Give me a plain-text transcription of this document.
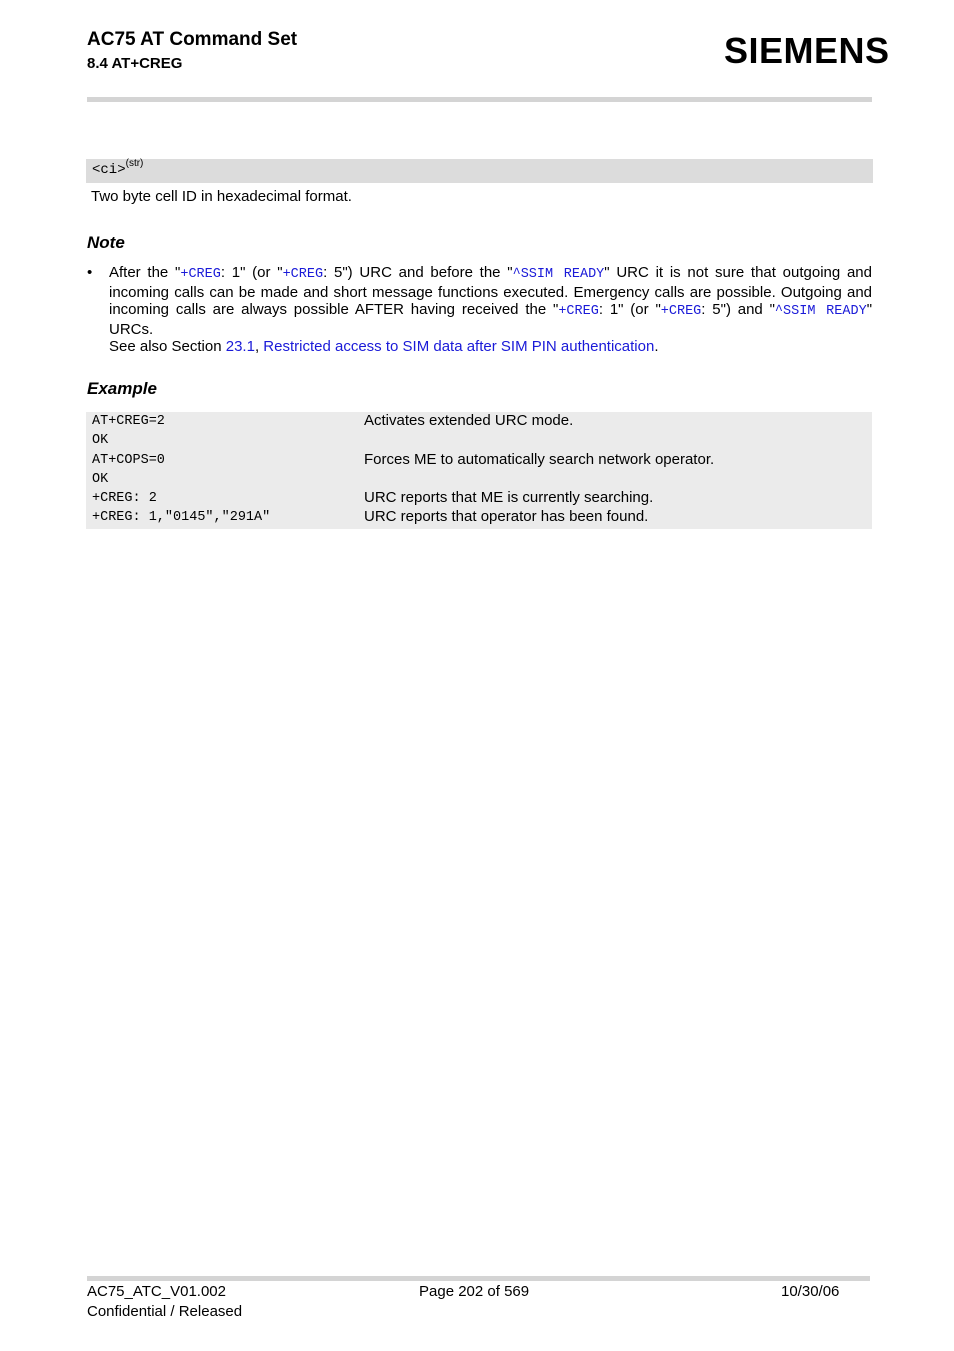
AC75 AT Command Set
8.4 AT+CREG	SIEMENS
<ci>$^{(str)}$
Two byte cell ID in hexadecimal format.
Note
• After the "+CREG: 1" (or "+CREG: 5") URC and before the "^SSIM READY" URC it is not sure that outgoing and incoming calls can be made and short message functions executed. Emergency calls are possible. Outgoing and incoming calls are always possible AFTER having received the "+CREG: 1" (or "+CREG: 5") and "^SSIM READY" URCs.
See also Section 23.1, Restricted access to SIM data after SIM PIN authentication.
Example
AT+CREG=2	Activates extended URC mode.
OK
AT+COPS=0	Forces ME to automatically search network operator.
OK
+CREG: 2	URC reports that ME is currently searching.
+CREG: 1,"0145","291A"	URC reports that operator has been found.
AC75_ATC_V01.002
Confidential / Released
Page 202 of 569	10/30/06
